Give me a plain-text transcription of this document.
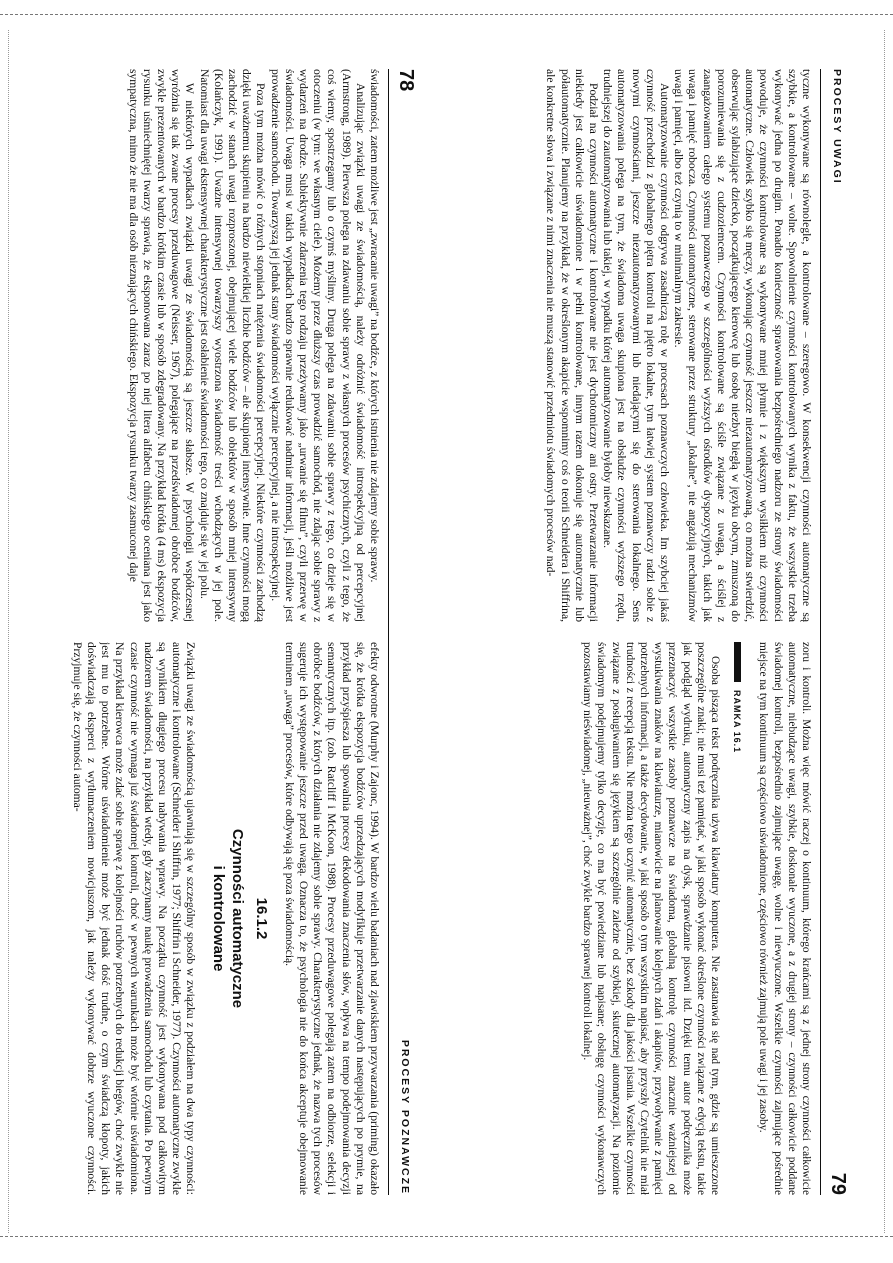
78
PROCESY POZNAWCZE

świadomości, zatem możliwe jest „zwracanie uwagi” na bodźce, z których istnienia nie zdajemy sobie sprawy.

Analizując związki uwagi ze świadomością, należy odróżnić świadomość introspekcyjną od percepcyjnej (Armstrong, 1989). Pierwsza polega na zdawaniu sobie sprawy z własnych procesów psychicznych, czyli z tego, że coś wiemy, spostrzegamy lub o czymś myślimy. Druga polega na zdawaniu sobie sprawy z tego, co dzieje się w otoczeniu (w tym: we własnym ciele). Możemy przez dłuższy czas prowadzić samochód, nie zdając sobie sprawy z wydarzeń na drodze. Subiektywnie zdarzenia tego rodzaju przeżywamy jako „urwanie się filmu”, czyli przerwę w świadomości. Uwaga musi w takich wypadkach bardzo sprawnie redukować nadmiar informacji, jeśli możliwe jest prowadzenie samochodu. Towarzyszą jej jednak stany świadomości wyłącznie percepcyjnej, a nie introspekcyjnej.

Poza tym można mówić o różnych stopniach natężenia świadomości percepcyjnej. Niektóre czynności zachodzą dzięki uważnemu skupieniu na bardzo niewielkiej liczbie bodźców – ale skupionej intensywnie. Inne czynności mogą zachodzić w stanach uwagi rozproszonej, obejmującej wiele bodźców lub obiektów w sposób mniej intensywny (Kolańczyk, 1991). Uważne intensywnej towarzyszy wyostrzona świadomość treści wchodzących w jej pole. Natomiast dla uwagi ekstensywnej charakterystyczne jest osłabienie świadomości tego, co znajduje się w jej polu.

W niektórych wypadkach związki uwagi ze świadomością są jeszcze słabsze. W psychologii współczesnej wyróżnia się tak zwane procesy przeduwagowe (Neisser, 1967), polegające na przedświadomej obróbce bodźców, zwykle prezentowanych w bardzo krótkim czasie lub w sposób zdegradowany. Na przykład krótka (4 ms) ekspozycja rysunku uśmiechniętej twarzy sprawia, że eksponowana zaraz po niej litera alfabetu chińskiego oceniana jest jako sympatyczna, mimo że nie ma dla osób nieznających chińskiego. Ekspozycja rysunku twarzy zasmuconej daje

efekty odwrotne (Murphy i Zajonc, 1994). W bardzo wielu badaniach nad zjawiskiem przywarzania (priming) okazało się, że krótka ekspozycja bodźców uprzedzających modyfikuje przetwarzanie danych następujących po prymie, na przykład przyśpiesza lub spowalnia procesy dekodowania znaczenia słów, wpływa na tempo podejmowania decyzji semantycznych itp. (zob. Ratcliff i McKoon, 1988). Procesy przeduwagowe polegają zatem na odbiorze, selekcji i obróbce bodźców, z których działania nie zdajemy sobie sprawy. Charakterystyczne jednak, że nazwa tych procesów sugeruje ich występowanie jeszcze przed uwagą. Oznacza to, że psychologia nie do końca akceptuje obejmowanie terminem „uwaga” procesów, które odbywają się poza świadomością.

16.1.2
Czynności automatyczne
i kontrolowane

Związki uwagi ze świadomością ujawniają się w szczególny sposób w związku z podziałem na dwa typy czynności: automatyczne i kontrolowane (Schneider i Shiffrin, 1977; Shiffrin i Schneider, 1977). Czynności automatyczne zwykle są wynikiem długiego procesu nabywania wprawy. Na początku czynność jest wykonywana pod całkowitym nadzorem świadomości, na przykład wtedy, gdy zaczynamy naukę prowadzenia samochodu lub czytania. Po pewnym czasie czynność nie wymaga już świadomej kontroli, choć w pewnych warunkach może być wtórnie uświadomiona. Na przykład kierowca może zdać sobie sprawę z kolejności ruchów potrzebnych do redukcji biegów, choć zwykle nie jest mu to potrzebne. Wtórne uświadomienie może być jednak dość trudne, o czym świadczą kłopoty, jakich doświadczają eksperci z wytłumaczeniem nowicjuszom, jak należy wykonywać dobrze wyuczone czynności. Przyjmuje się, że czynności automa-

PROCESY UWAGI
79

tyczne wykonywane są równolegle, a kontrolowane – szeregowo. W konsekwencji czynności automatyczne są szybkie, a kontrolowane – wolne. Spowolnienie czynności kontrolowanych wynika z faktu, że wszystkie trzeba wykonywać jedna po drugim. Ponadto konieczność sprawowania bezpośredniego nadzoru ze strony świadomości powoduje, że czynności kontrolowane są wykonywane mniej płynnie i z większym wysiłkiem niż czynności automatyczne. Człowiek szybko się męczy, wykonując czynność jeszcze niezautomatyzowaną, co można stwierdzić, obserwując sylabizujące dziecko, początkującego kierowcę lub osobę niezbyt biegłą w języku obcym, zmuszoną do porozumiewania się z cudzoziemcem. Czynności kontrolowane są ściśle związane z uwagą, a ściślej z zaangażowaniem całego systemu poznawczego w szczególności wyższych ośrodków dyspozycyjnych, takich jak uwaga i pamięć robocza. Czynności automatyczne, sterowane przez struktury „lokalne”, nie angażują mechanizmów uwagi i pamięci, albo też czynią to w minimalnym zakresie.

Automatyzowanie czynności odgrywa zasadniczą rolę w procesach poznawczych człowieka. Im szybciej jakaś czynność przechodzi z globalnego piętra kontroli na piętro lokalne, tym łatwiej system poznawczy radzi sobie z nowymi czynnościami, jeszcze niezautomatyzowanymi lub niedającymi się do sterowania lokalnego. Sens automatyzowania polega na tym, że świadoma uwaga skupiona jest na obsłudze czynności wyższego rzędu, trudniejszej do zautomatyzowania lub takiej, w wypadku której automatyzowanie byłoby niewskazane.

Podział na czynności automatyczne i kontrolowane nie jest dychotomiczny ani ostry. Przetwarzanie informacji niekiedy jest całkowicie uświadomione i w pełni kontrolowane, innym razem dokonuje się automatycznie lub półautomatycznie. Planujemy na przykład, że w określonym akapicie wspomnimy coś o teorii Schneidera i Shiffrina, ale konkretne słowa i związane z nimi znaczenia nie muszą stanowić przedmiotu świadomych procesów nad-

zoru i kontroli. Można więc mówić raczej o kontinuum, którego krańcami są z jednej strony czynności całkowicie automatyczne, niebudzące uwagi, szybkie, doskonale wyuczone, a z drugiej strony – czynności całkowicie poddane świadomej kontroli, bezpośrednio zajmujące uwagę, wolne i niewyuczone. Wszelkie czynności zajmujące pośrednie miejsce na tym kontinuum są częściowo uświadomione, częściowo również zajmują pole uwagi i jej zasoby.

RAMKA 16.1

Osoba pisząca tekst podręcznika używa klawiatury komputera. Nie zastanawia się nad tym, gdzie są umieszczone poszczególne znaki; nie musi też pamiętać, w jaki sposób wykonać określone czynności związane z edycją tekstu, takie jak podgląd wydruku, automatyczny zapis na dysk, sprawdzanie pisowni itd. Dzięki temu autor podręcznika może przeznaczyć wszystkie zasoby poznawcze na świadoma, globalną kontrolę czynności znacznie ważniejszej od wystukiwania znaków na klawiaturze, mianowicie na planowanie kolejnych zdań i akapitów, przywoływanie z pamięci potrzebnych informacji, a także decydowanie, w jaki sposób o tym wszystkim napisać, aby przyszły Czytelnik nie miał trudności z recepcją tekstu. Nie można tego uczynić automatycznie, bez szkody dla jakości pisania. Wszelkie czynności związane z posługiwaniem się językiem są szczególnie zależne od szybkiej, skutecznej automatyzacji. Na poziomie świadomym podejmujemy tylko decyzje, co ma być powiedziane lub napisane; obsługę czynności wykonawczych pozostawiamy nieświadomej, „nieuważnej”, choć zwykle bardzo sprawnej kontroli lokalnej.
